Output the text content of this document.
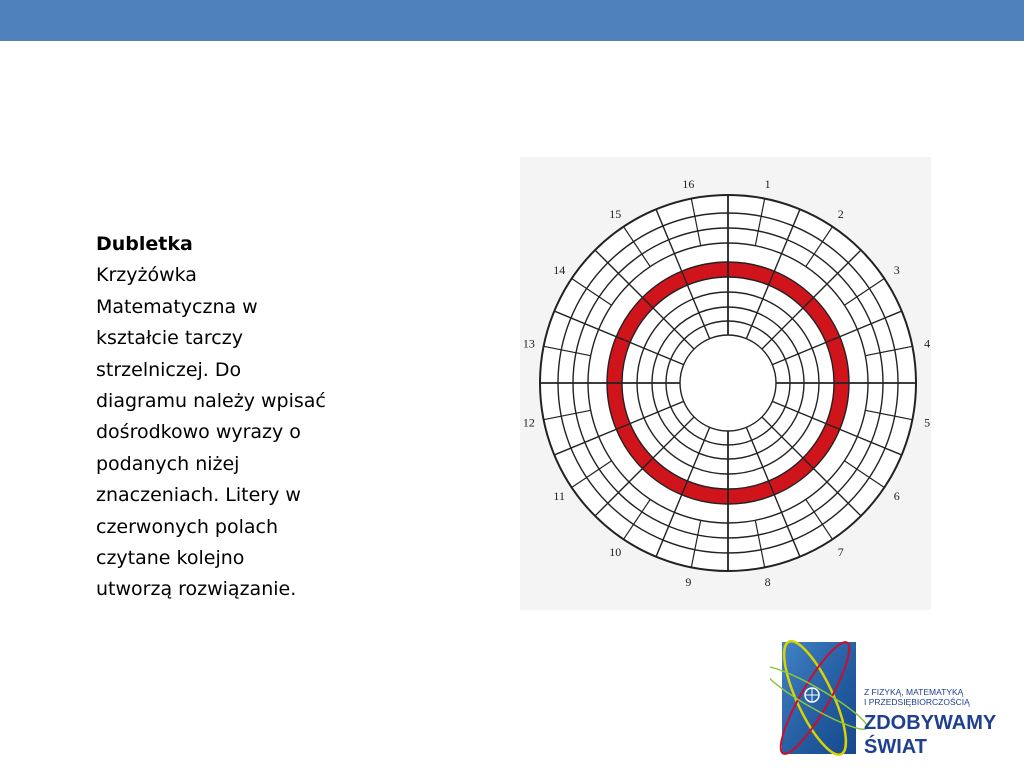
Dubletka
Krzyżówka
Matematyczna w
kształcie tarczy
strzelniczej. Do
diagramu należy wpisać
dośrodkowo wyrazy o
podanych niżej
znaczeniach. Litery w
czerwonych polach
czytane kolejno
utworzą rozwiązanie.
1
2
3
4
5
6
7
8
9
10
11
12
13
14
15
16
Z FIZYKĄ, MATEMATYKĄ
I PRZEDSIĘBIORCZOŚCIĄ
ZDOBYWAMY
ŚWIAT
